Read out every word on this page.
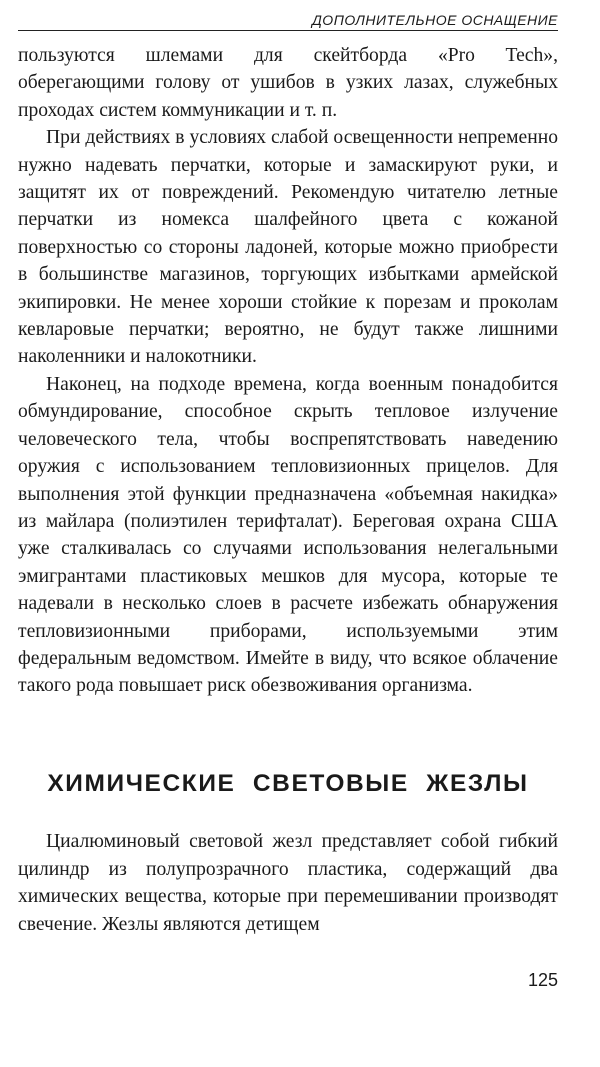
ДОПОЛНИТЕЛЬНОЕ ОСНАЩЕНИЕ

пользуются шлемами для скейтборда «Pro Tech», оберегающими голову от ушибов в узких лазах, служебных проходах систем коммуникации и т. п.

При действиях в условиях слабой освещенности непременно нужно надевать перчатки, которые и замаскируют руки, и защитят их от повреждений. Рекомендую читателю летные перчатки из номекса шалфейного цвета с кожаной поверхностью со стороны ладоней, которые можно приобрести в большинстве магазинов, торгующих избытками армейской экипировки. Не менее хороши стойкие к порезам и проколам кевларовые перчатки; вероятно, не будут также лишними наколенники и налокотники.

Наконец, на подходе времена, когда военным понадобится обмундирование, способное скрыть тепловое излучение человеческого тела, чтобы воспрепятствовать наведению оружия с использованием тепловизионных прицелов. Для выполнения этой функции предназначена «объемная накидка» из майлара (полиэтилен терифталат). Береговая охрана США уже сталкивалась со случаями использования нелегальными эмигрантами пластиковых мешков для мусора, которые те надевали в несколько слоев в расчете избежать обнаружения тепловизионными приборами, используемыми этим федеральным ведомством. Имейте в виду, что всякое облачение такого рода повышает риск обезвоживания организма.

ХИМИЧЕСКИЕ СВЕТОВЫЕ ЖЕЗЛЫ
Циалюминовый световой жезл представляет собой гибкий цилиндр из полупрозрачного пластика, содержащий два химических вещества, которые при перемешивании производят свечение. Жезлы являются детищем
125
